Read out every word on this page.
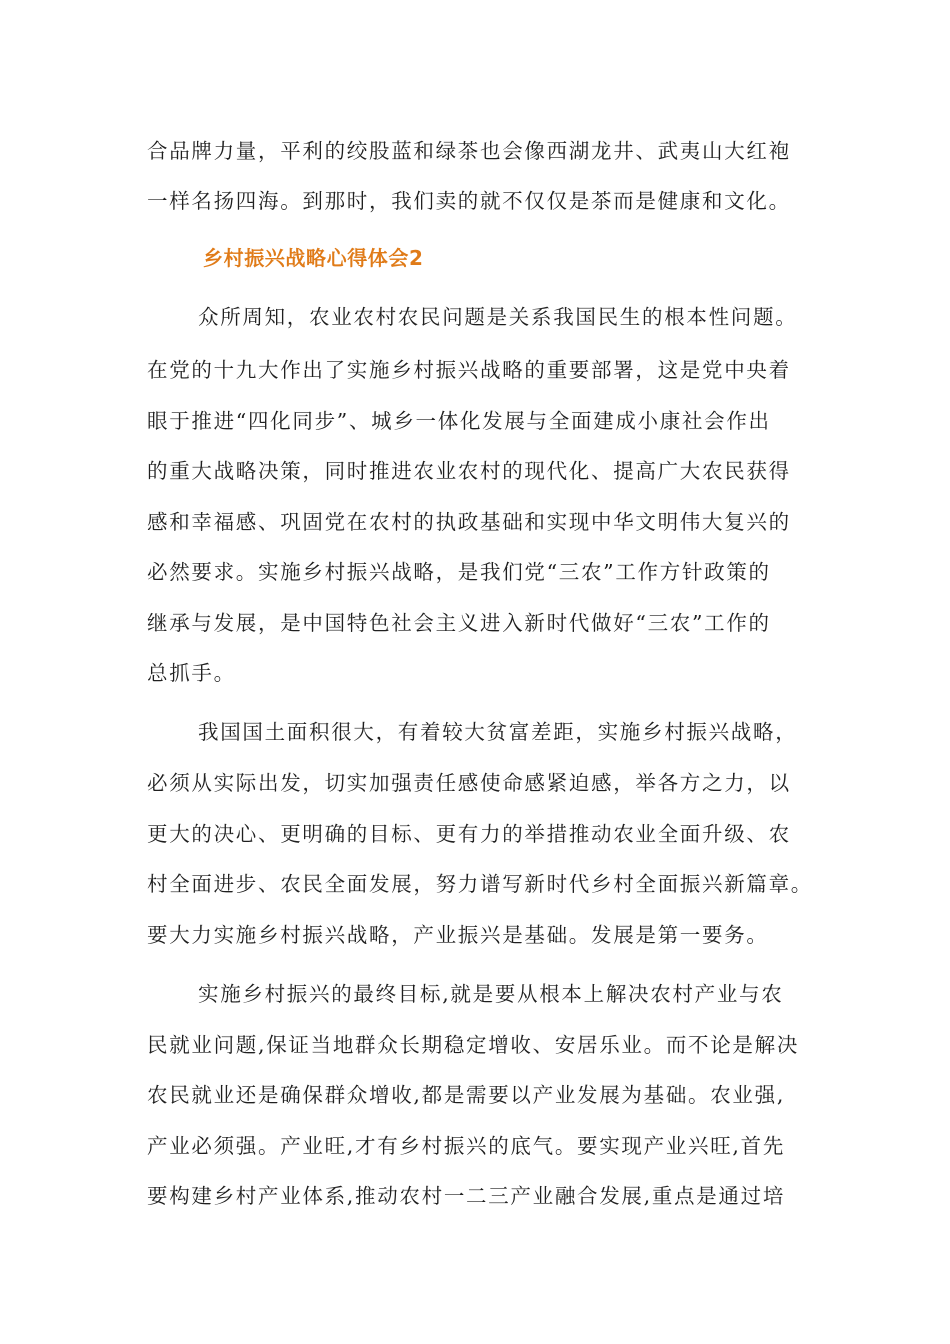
合品牌力量，平利的绞股蓝和绿茶也会像西湖龙井、武夷山大红袍

一样名扬四海。到那时，我们卖的就不仅仅是茶而是健康和文化。

乡村振兴战略心得体会2

众所周知，农业农村农民问题是关系我国民生的根本性问题。

在党的十九大作出了实施乡村振兴战略的重要部署，这是党中央着

眼于推进“四化同步”、城乡一体化发展与全面建成小康社会作出

的重大战略决策，同时推进农业农村的现代化、提高广大农民获得

感和幸福感、巩固党在农村的执政基础和实现中华文明伟大复兴的

必然要求。实施乡村振兴战略，是我们党“三农”工作方针政策的

继承与发展，是中国特色社会主义进入新时代做好“三农”工作的

总抓手。

我国国土面积很大，有着较大贫富差距，实施乡村振兴战略，

必须从实际出发，切实加强责任感使命感紧迫感，举各方之力，以

更大的决心、更明确的目标、更有力的举措推动农业全面升级、农

村全面进步、农民全面发展，努力谱写新时代乡村全面振兴新篇章。

要大力实施乡村振兴战略，产业振兴是基础。发展是第一要务。

实施乡村振兴的最终目标,就是要从根本上解决农村产业与农

民就业问题,保证当地群众长期稳定增收、安居乐业。而不论是解决

农民就业还是确保群众增收,都是需要以产业发展为基础。农业强,

产业必须强。产业旺,才有乡村振兴的底气。要实现产业兴旺,首先

要构建乡村产业体系,推动农村一二三产业融合发展,重点是通过培
